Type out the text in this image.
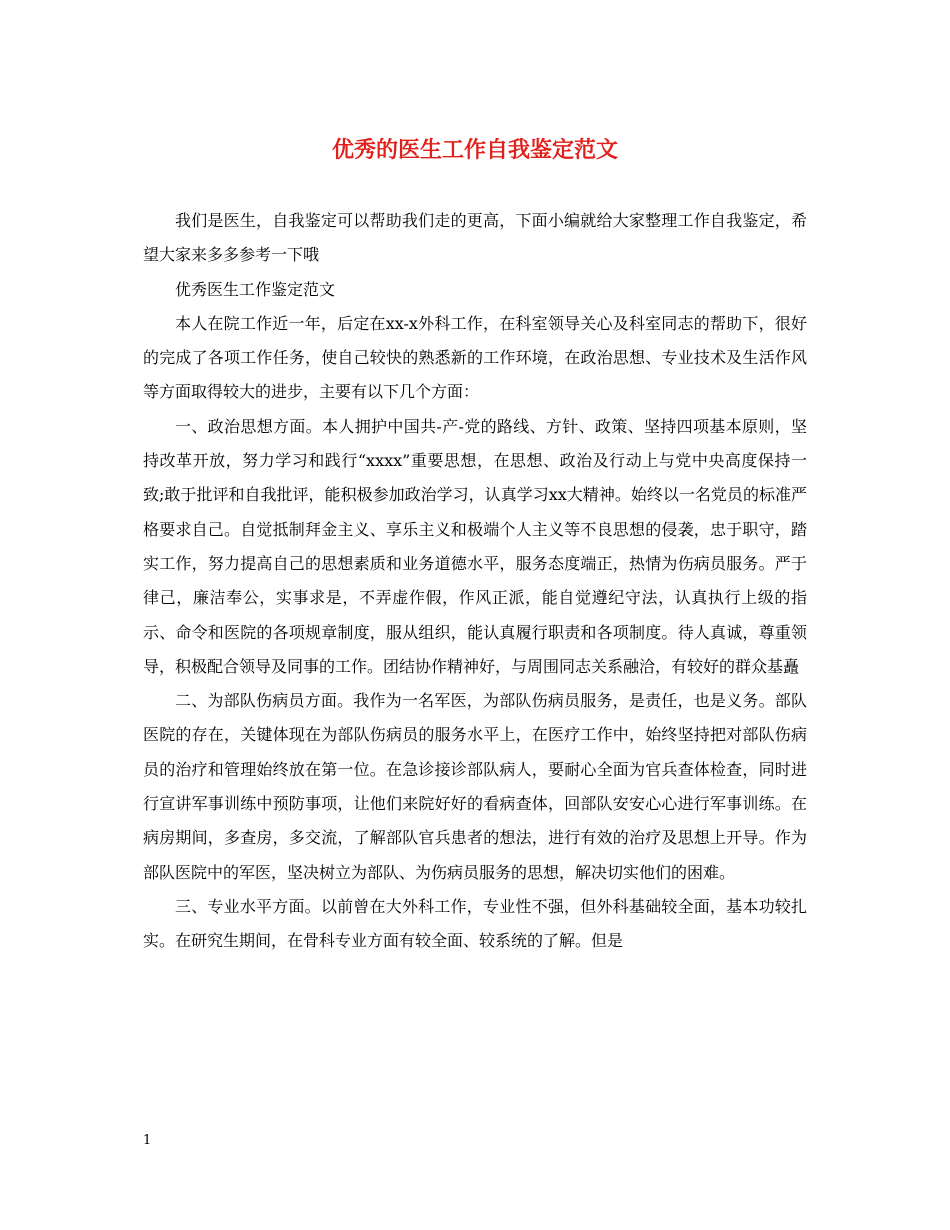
优秀的医生工作自我鉴定范文

我们是医生，自我鉴定可以帮助我们走的更高，下面小编就给大家整理工作自我鉴定，希望大家来多多参考一下哦

优秀医生工作鉴定范文

本人在院工作近一年，后定在xx-x外科工作，在科室领导关心及科室同志的帮助下，很好的完成了各项工作任务，使自己较快的熟悉新的工作环境，在政治思想、专业技术及生活作风等方面取得较大的进步，主要有以下几个方面：

一、政治思想方面。本人拥护中国共-产-党的路线、方针、政策、坚持四项基本原则，坚持改革开放，努力学习和践行“xxxx”重要思想，在思想、政治及行动上与党中央高度保持一致;敢于批评和自我批评，能积极参加政治学习，认真学习xx大精神。始终以一名党员的标准严格要求自己。自觉抵制拜金主义、享乐主义和极端个人主义等不良思想的侵袭，忠于职守，踏实工作，努力提高自己的思想素质和业务道德水平，服务态度端正，热情为伤病员服务。严于律己，廉洁奉公，实事求是，不弄虚作假，作风正派，能自觉遵纪守法，认真执行上级的指示、命令和医院的各项规章制度，服从组织，能认真履行职责和各项制度。待人真诚，尊重领导，积极配合领导及同事的工作。团结协作精神好，与周围同志关系融洽，有较好的群众基矗

二、为部队伤病员方面。我作为一名军医，为部队伤病员服务，是责任，也是义务。部队医院的存在，关键体现在为部队伤病员的服务水平上，在医疗工作中，始终坚持把对部队伤病员的治疗和管理始终放在第一位。在急诊接诊部队病人，要耐心全面为官兵查体检查，同时进行宣讲军事训练中预防事项，让他们来院好好的看病查体，回部队安安心心进行军事训练。在病房期间，多查房，多交流，了解部队官兵患者的想法，进行有效的治疗及思想上开导。作为部队医院中的军医，坚决树立为部队、为伤病员服务的思想，解决切实他们的困难。

三、专业水平方面。以前曾在大外科工作，专业性不强，但外科基础较全面，基本功较扎实。在研究生期间，在骨科专业方面有较全面、较系统的了解。但是

1
